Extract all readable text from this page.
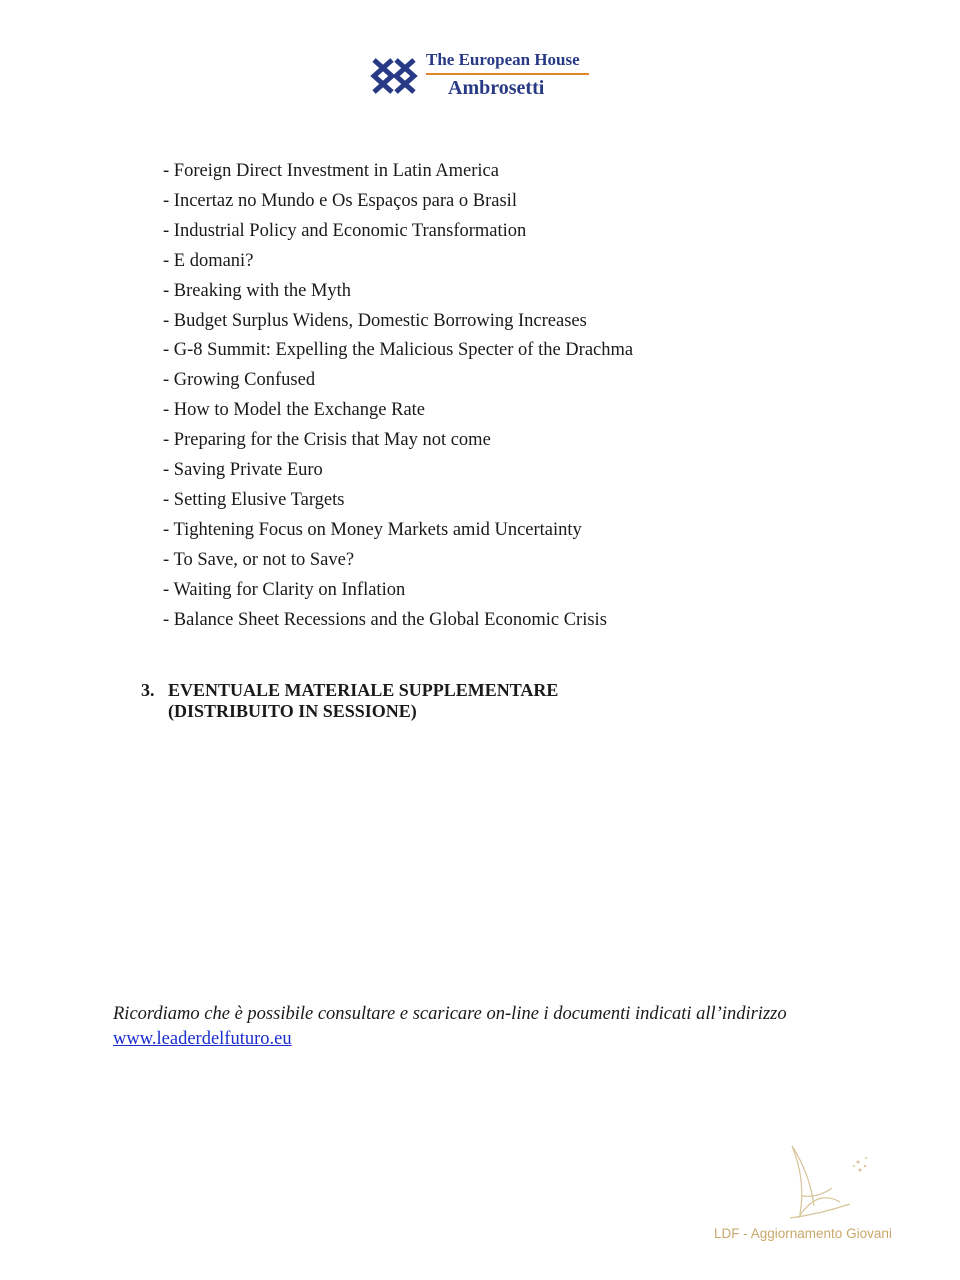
The European House
Ambrosetti
- Foreign Direct Investment in Latin America
- Incertaz no Mundo e Os Espaços para o Brasil
- Industrial Policy and Economic Transformation
- E domani?
- Breaking with the Myth
- Budget Surplus Widens, Domestic Borrowing Increases
- G-8 Summit: Expelling the Malicious Specter of the Drachma
- Growing Confused
- How to Model the Exchange Rate
- Preparing for the Crisis that May not come
- Saving Private Euro
- Setting Elusive Targets
- Tightening Focus on Money Markets amid Uncertainty
- To Save, or not to Save?
- Waiting for Clarity on Inflation
- Balance Sheet Recessions and the Global Economic Crisis
3. EVENTUALE MATERIALE SUPPLEMENTARE
(DISTRIBUITO IN SESSIONE)
Ricordiamo che è possibile consultare e scaricare on-line i documenti indicati all’indirizzo
www.leaderdelfuturo.eu
LDF - Aggiornamento Giovani
